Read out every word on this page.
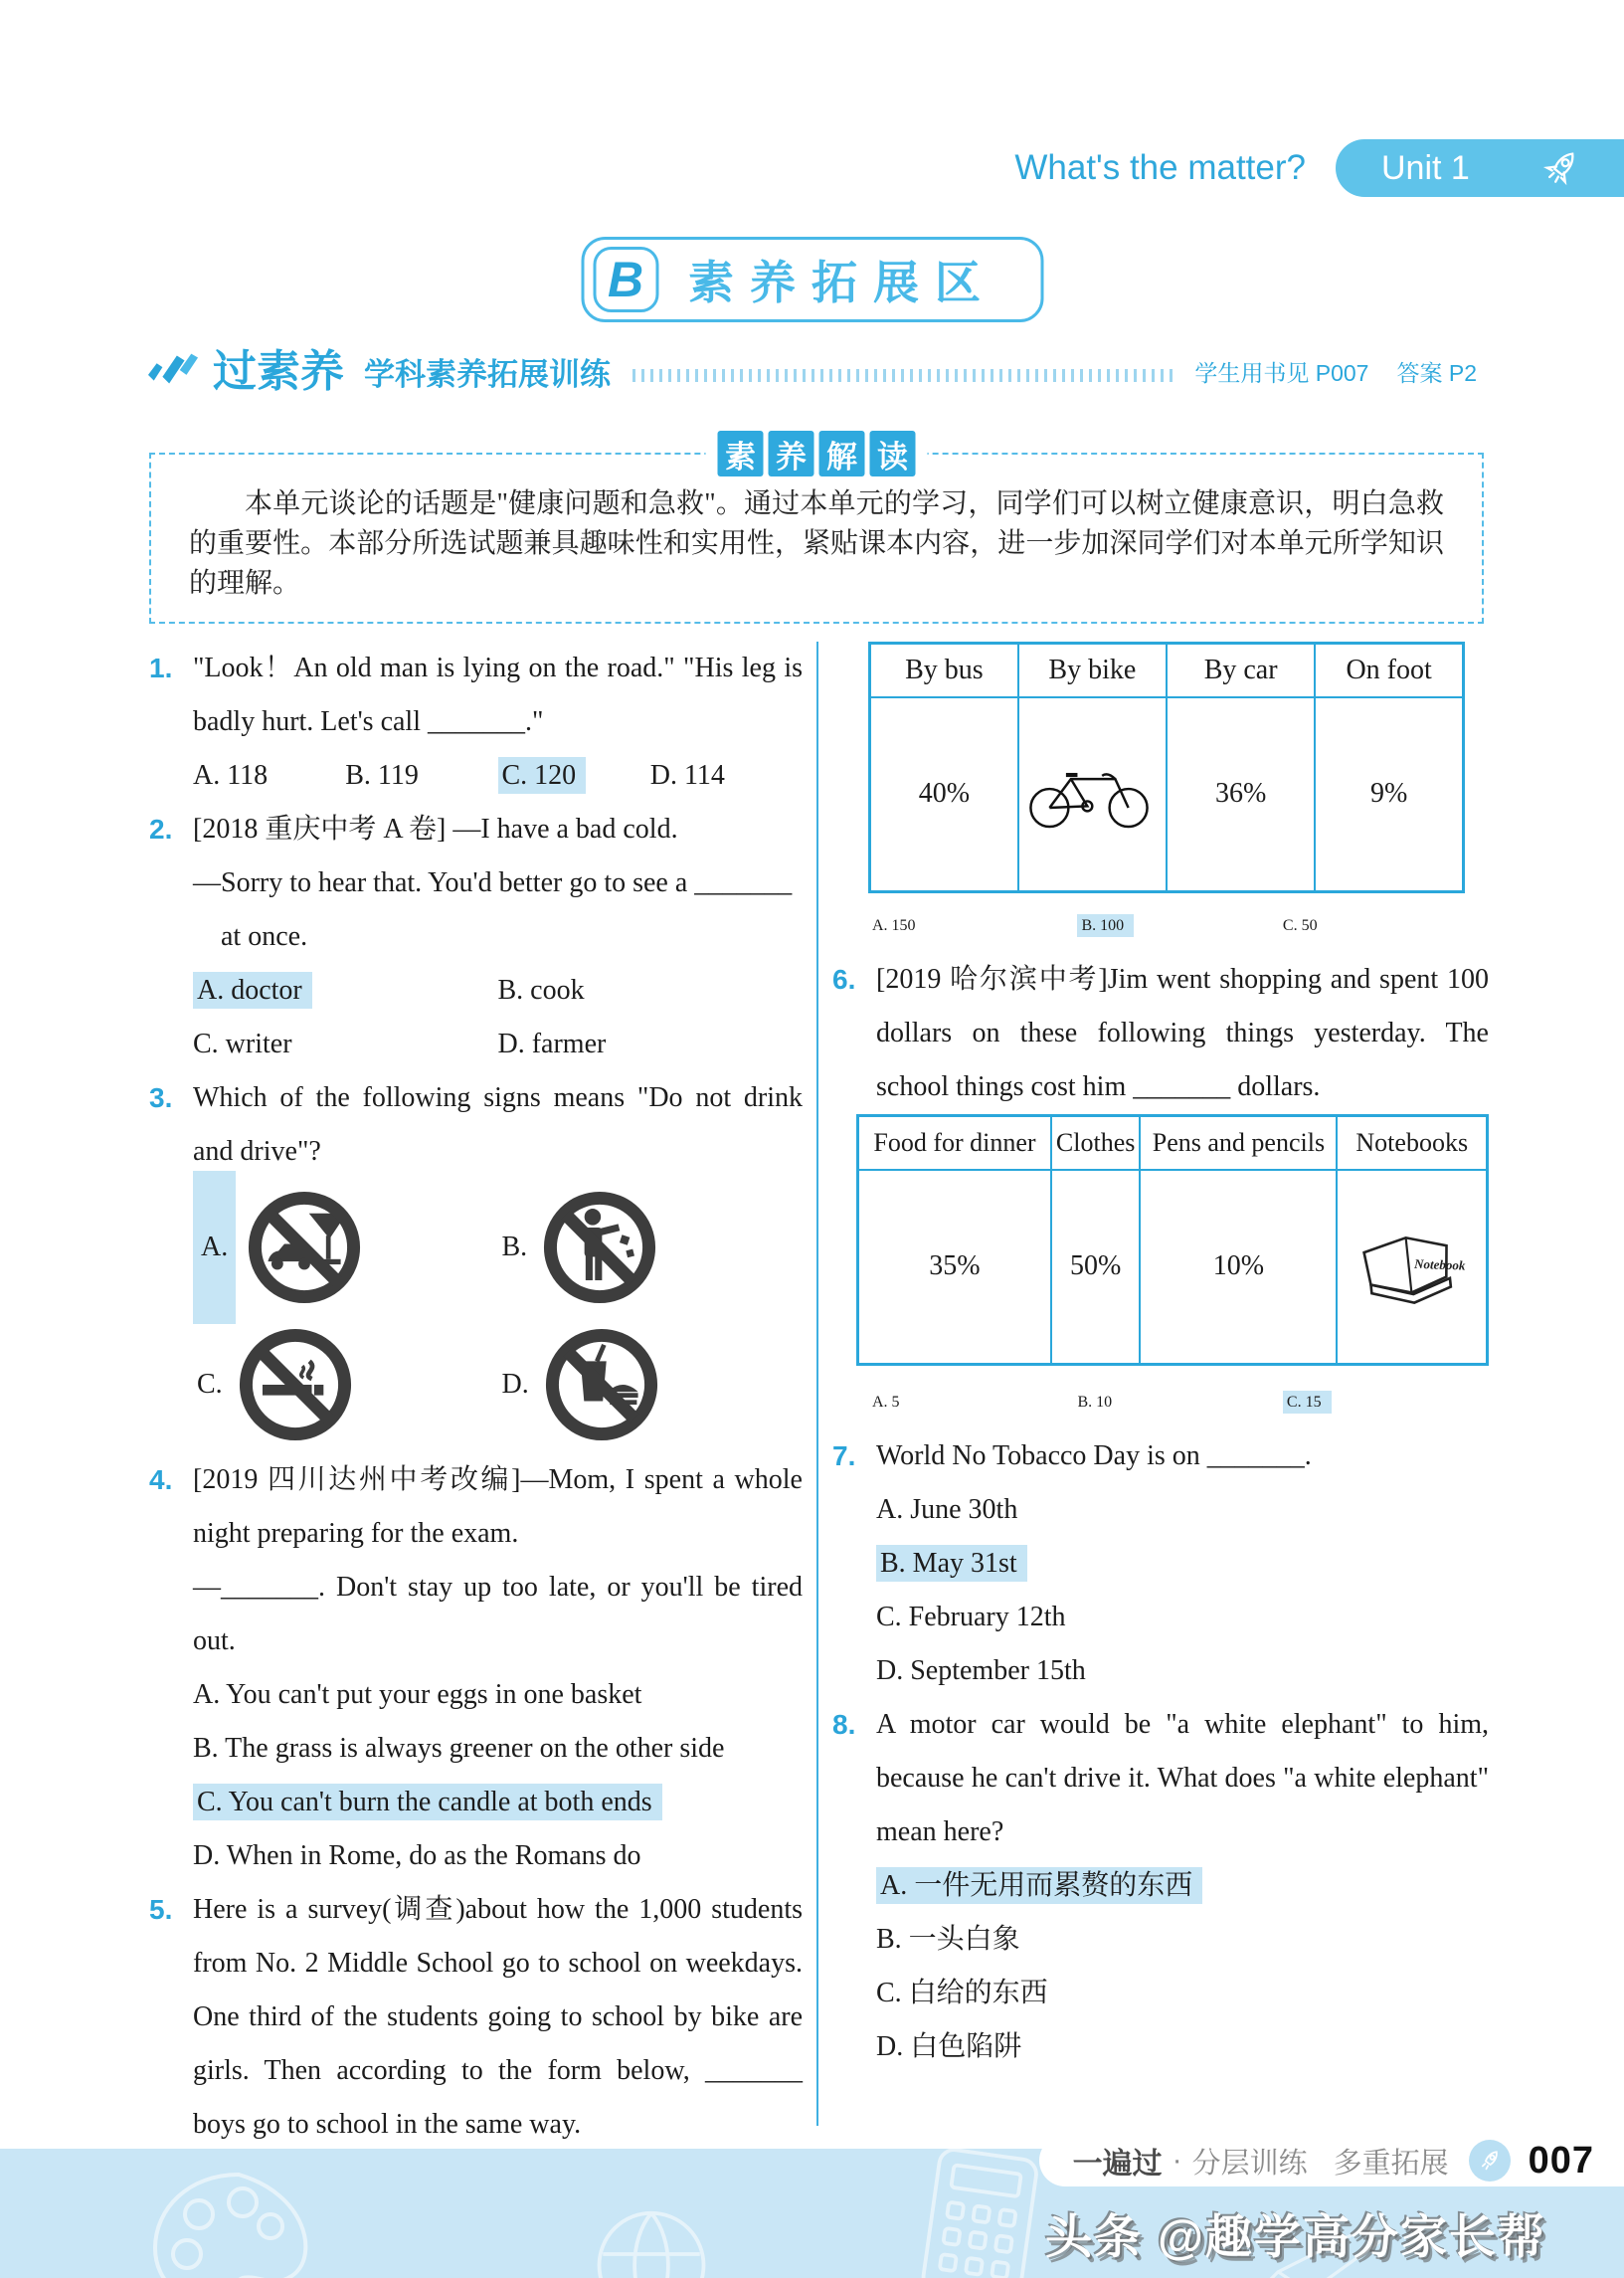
What's the matter? Unit 1
B 素养拓展区
过素养 学科素养拓展训练	学生用书见 P007 答案 P2
素 养 解 读

本单元谈论的话题是"健康问题和急救"。通过本单元的学习，同学们可以树立健康意识，明白急救的重要性。本部分所选试题兼具趣味性和实用性，紧贴课本内容，进一步加深同学们对本单元所学知识的理解。

1. "Look！An old man is lying on the road." "His leg is badly hurt. Let's call _______."

A. 118	B. 119	C. 120	D. 114
2. [2018 重庆中考 A 卷] —I have a bad cold.

—Sorry to hear that. You'd better go to see a _______

at once.

A. doctor	B. cook
C. writer	D. farmer
3. Which of the following signs means "Do not drink and drive"?

A.	B.
C.	D.
4. [2019 四川达州中考改编]—Mom, I spent a whole night preparing for the exam.

—_______. Don't stay up too late, or you'll be tired out.

A. You can't put your eggs in one basket
B. The grass is always greener on the other side
C. You can't burn the candle at both ends
D. When in Rome, do as the Romans do
5. Here is a survey(调查)about how the 1,000 students from No. 2 Middle School go to school on weekdays. One third of the students going to school by bike are girls. Then according to the form below, _______ boys go to school in the same way.

By bus	By bike	By car	On foot
40%		36%	9%
A. 150	B. 100	C. 50
6. [2019 哈尔滨中考]Jim went shopping and spent 100 dollars on these following things yesterday. The school things cost him _______ dollars.

Food for dinner	Clothes	Pens and pencils	Notebooks
35%	50%	10%	Notebook
A. 5	B. 10	C. 15
7. World No Tobacco Day is on _______.

A. June 30th
B. May 31st
C. February 12th
D. September 15th
8. A motor car would be "a white elephant" to him, because he can't drive it. What does "a white elephant" mean here?

A. 一件无用而累赘的东西
B. 一头白象
C. 白给的东西
D. 白色陷阱
一遍过 · 分层训练 多重拓展 007
头条 @趣学高分家长帮
